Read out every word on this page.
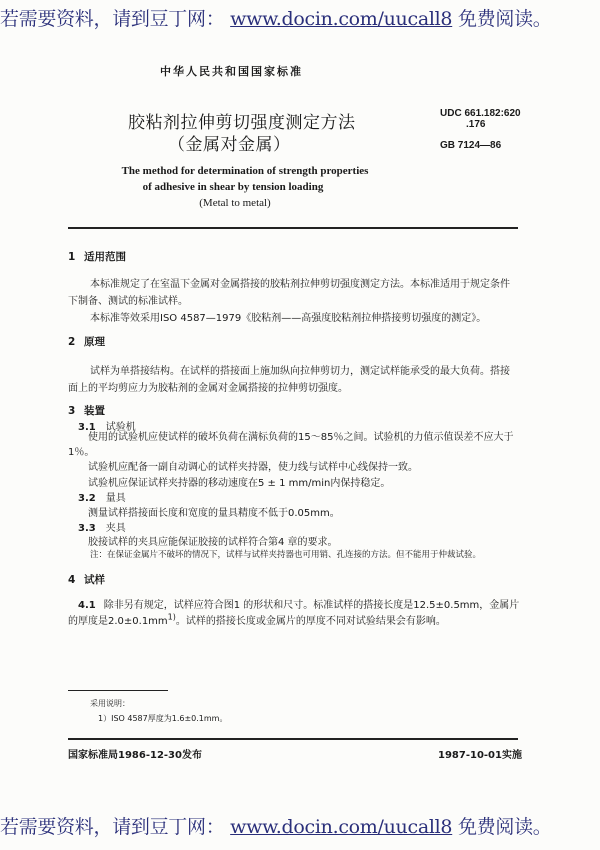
若需要资料，请到豆丁网： www.docin.com/uucall8 免费阅读。
中华人民共和国国家标准
胶粘剂拉伸剪切强度测定方法
（金属对金属）
UDC 661.182:620
.176
GB 7124—86
The method for determination of strength properties
of adhesive in shear by tension loading
(Metal to metal)
1 适用范围
本标准规定了在室温下金属对金属搭接的胶粘剂拉伸剪切强度测定方法。本标准适用于规定条件
下制备、测试的标准试样。
本标准等效采用ISO 4587—1979《胶粘剂——高强度胶粘剂拉伸搭接剪切强度的测定》。
2 原理
试样为单搭接结构。在试样的搭接面上施加纵向拉伸剪切力，测定试样能承受的最大负荷。搭接
面上的平均剪应力为胶粘剂的金属对金属搭接的拉伸剪切强度。
3 装置
3.1 试验机
使用的试验机应使试样的破坏负荷在满标负荷的15～85％之间。试验机的力值示值误差不应大于
1％。
试验机应配备一副自动调心的试样夹持器，使力线与试样中心线保持一致。
试验机应保证试样夹持器的移动速度在5 ± 1 mm/min内保持稳定。
3.2 量具
测量试样搭接面长度和宽度的量具精度不低于0.05mm。
3.3 夹具
胶接试样的夹具应能保证胶接的试样符合第4 章的要求。
注：在保证金属片不破坏的情况下，试样与试样夹持器也可用销、孔连接的方法。但不能用于仲裁试验。
4 试样
4.1 除非另有规定，试样应符合图1 的形状和尺寸。标准试样的搭接长度是12.5±0.5mm，金属片
的厚度是$2.0\pm 0.1mm^{1)}$。试样的搭接长度或金属片的厚度不同对试验结果会有影响。
采用说明：
1）ISO 4587厚度为1.6±0.1mm。
国家标准局1986-12-30发布	1987-10-01实施
若需要资料，请到豆丁网： www.docin.com/uucall8 免费阅读。
